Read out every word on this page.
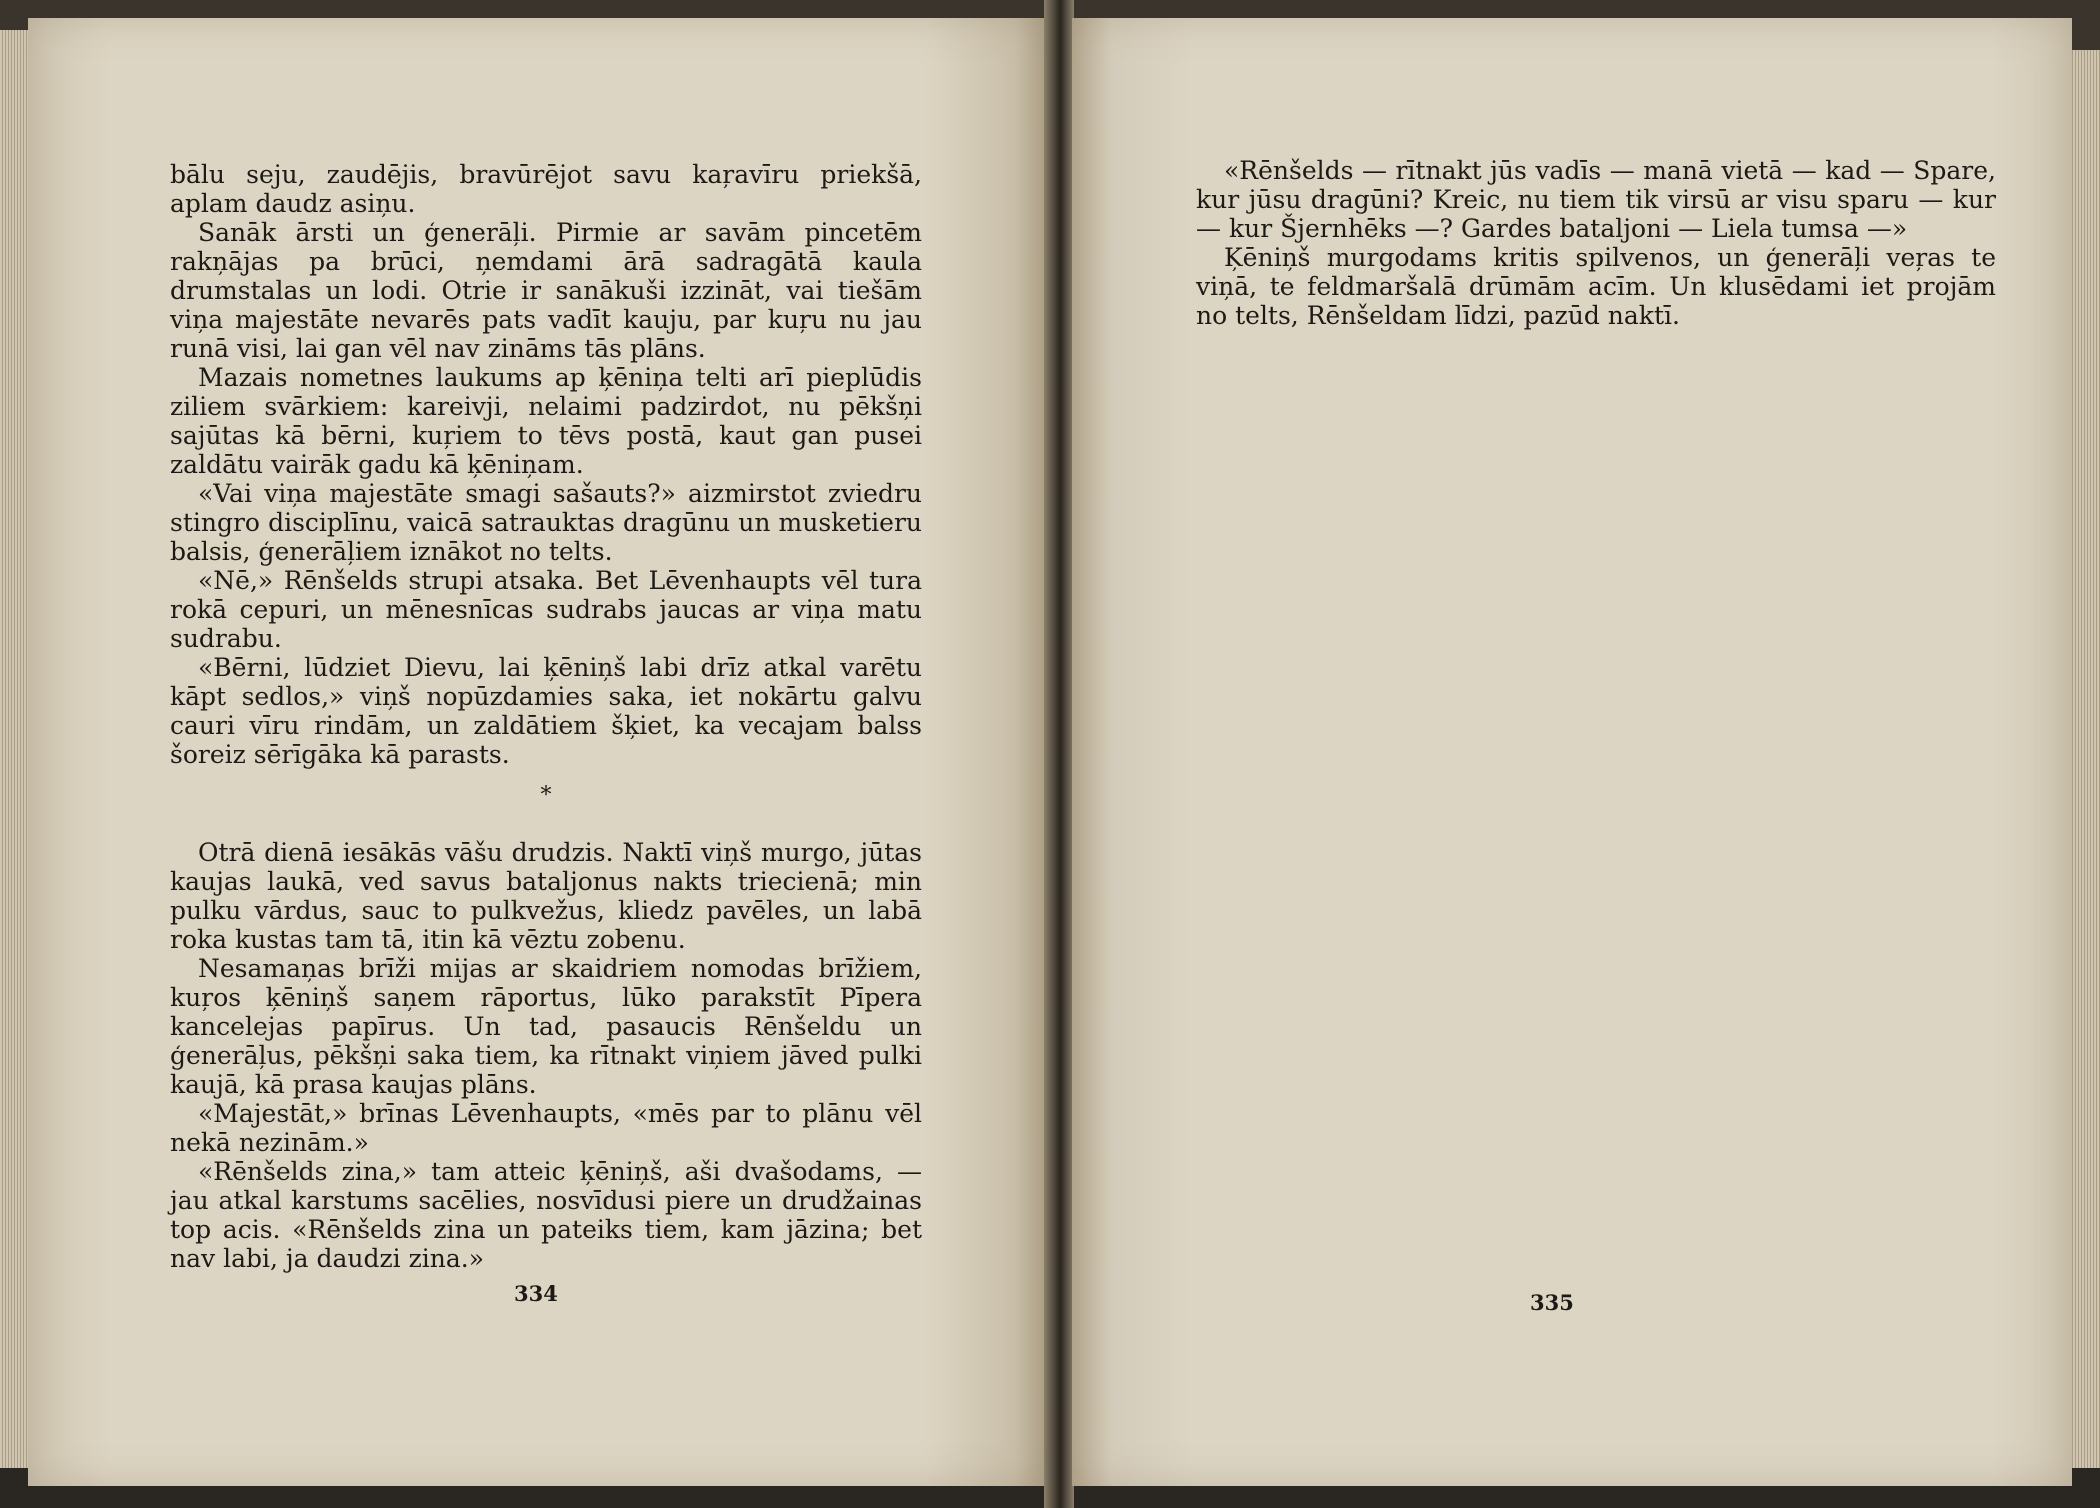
bālu seju, zaudējis, bravūrējot savu kaŗavīru priekšā, aplam daudz asiņu.

Sanāk ārsti un ģenerāļi. Pirmie ar savām pincetēm rakņājas pa brūci, ņemdami ārā sadragātā kaula drumstalas un lodi. Otrie ir sanākuši izzināt, vai tiešām viņa majestāte nevarēs pats vadīt kauju, par kuŗu nu jau runā visi, lai gan vēl nav zināms tās plāns.

Mazais nometnes laukums ap ķēniņa telti arī pieplūdis ziliem svārkiem: kareivji, nelaimi padzirdot, nu pēkšņi sajūtas kā bērni, kuŗiem to tēvs postā, kaut gan pusei zaldātu vairāk gadu kā ķēniņam.

«Vai viņa majestāte smagi sašauts?» aizmirstot zviedru stingro disciplīnu, vaicā satrauktas dragūnu un musketieru balsis, ģenerāļiem iznākot no telts.

«Nē,» Rēnšelds strupi atsaka. Bet Lēvenhaupts vēl tura rokā cepuri, un mēnesnīcas sudrabs jaucas ar viņa matu sudrabu.

«Bērni, lūdziet Dievu, lai ķēniņš labi drīz atkal varētu kāpt sedlos,» viņš nopūzdamies saka, iet nokārtu galvu cauri vīru rindām, un zaldātiem šķiet, ka vecajam balss šoreiz sērīgāka kā parasts.

*

Otrā dienā iesākās vāšu drudzis. Naktī viņš murgo, jūtas kaujas laukā, ved savus bataljonus nakts triecienā; min pulku vārdus, sauc to pulkvežus, kliedz pavēles, un labā roka kustas tam tā, itin kā vēztu zobenu.

Nesamaņas brīži mijas ar skaidriem nomodas brīžiem, kuŗos ķēniņš saņem rāportus, lūko parakstīt Pīpera kancelejas papīrus. Un tad, pasaucis Rēnšeldu un ģenerāļus, pēkšņi saka tiem, ka rītnakt viņiem jāved pulki kaujā, kā prasa kaujas plāns.

«Majestāt,» brīnas Lēvenhaupts, «mēs par to plānu vēl nekā nezinām.»

«Rēnšelds zina,» tam atteic ķēniņš, aši dvašodams, — jau atkal karstums sacēlies, nosvīdusi piere un drudžainas top acis. «Rēnšelds zina un pateiks tiem, kam jāzina; bet nav labi, ja daudzi zina.»

334

«Rēnšelds — rītnakt jūs vadīs — manā vietā — kad — Spare, kur jūsu dragūni? Kreic, nu tiem tik virsū ar visu sparu — kur — kur Šjernhēks —? Gardes bataljoni — Liela tumsa —»

Ķēniņš murgodams kritis spilvenos, un ģenerāļi veŗas te viņā, te feldmaršalā drūmām acīm. Un klusēdami iet projām no telts, Rēnšeldam līdzi, pazūd naktī.

335
